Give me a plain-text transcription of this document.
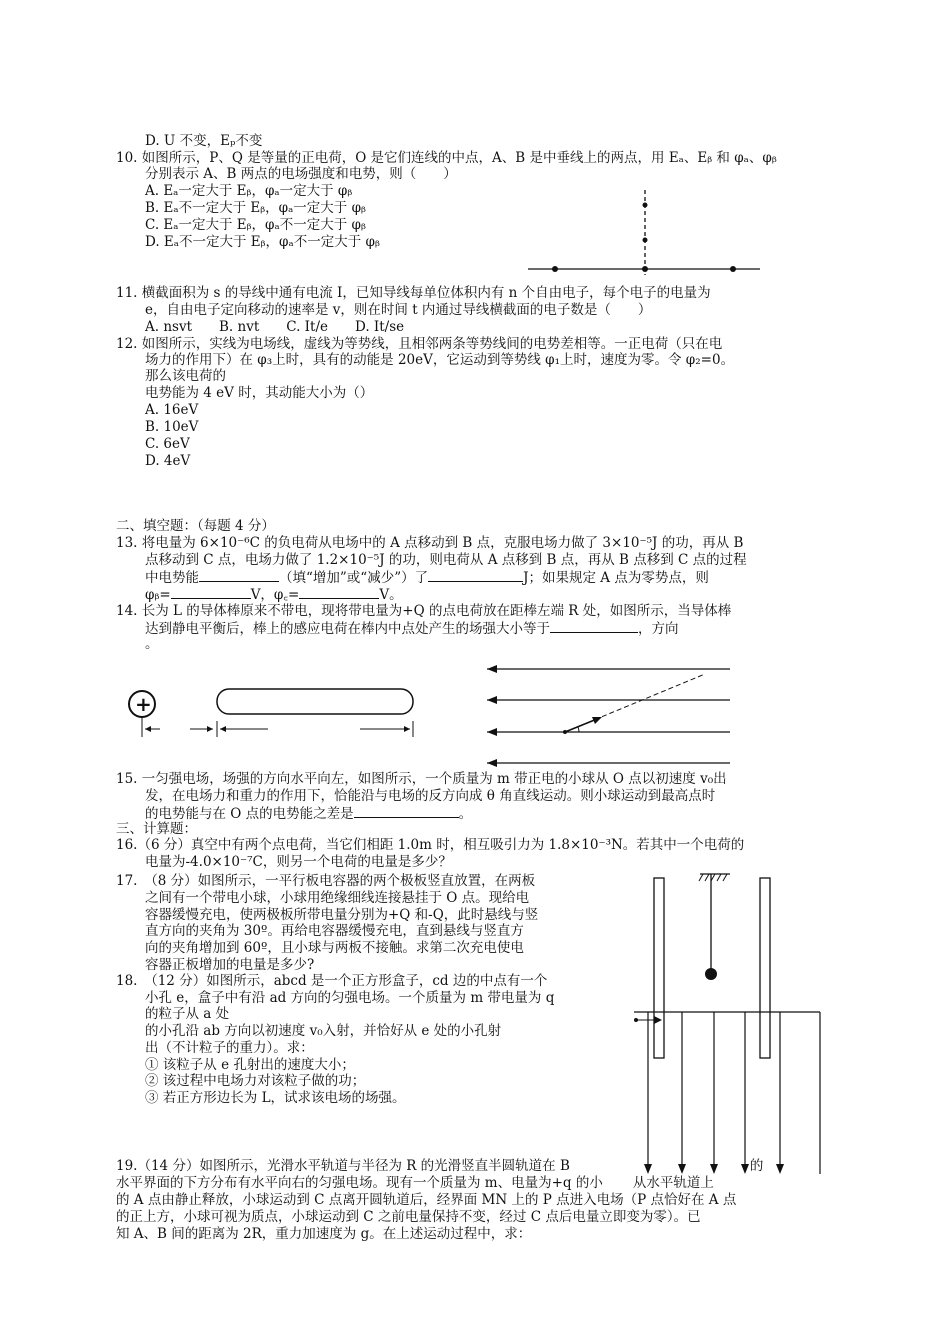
D. U 不变，Eₚ不变
10. 如图所示，P、Q 是等量的正电荷，O 是它们连线的中点，A、B 是中垂线上的两点，用 Eₐ、Eᵦ 和 φₐ、φᵦ
分别表示 A、B 两点的电场强度和电势，则（　　）
A. Eₐ一定大于 Eᵦ，φₐ一定大于 φᵦ
B. Eₐ不一定大于 Eᵦ，φₐ一定大于 φᵦ
C. Eₐ一定大于 Eᵦ，φₐ不一定大于 φᵦ
D. Eₐ不一定大于 Eᵦ，φₐ不一定大于 φᵦ
11. 横截面积为 s 的导线中通有电流 I，已知导线每单位体积内有 n 个自由电子，每个电子的电量为
e，自由电子定向移动的速率是 v，则在时间 t 内通过导线横截面的电子数是（　　）
A. nsvt　　B. nvt　　C. It/e　　D. It/se
12. 如图所示，实线为电场线，虚线为等势线，且相邻两条等势线间的电势差相等。一正电荷（只在电
场力的作用下）在 φ₃上时，具有的动能是 20eV，它运动到等势线 φ₁上时，速度为零。令 φ₂=0。
那么该电荷的
电势能为 4 eV 时，其动能大小为（）
A. 16eV
B. 10eV
C. 6eV
D. 4eV
二、填空题：（每题 4 分）
13. 将电量为 6×10⁻⁶C 的负电荷从电场中的 A 点移动到 B 点，克服电场力做了 3×10⁻⁵J 的功，再从 B
点移动到 C 点，电场力做了 1.2×10⁻⁵J 的功，则电荷从 A 点移到 B 点，再从 B 点移到 C 点的过程
中电势能	（填“增加”或“减少”）了	J；如果规定 A 点为零势点，则
φᵦ=	V，φ꜀=	V。
14. 长为 L 的导体棒原来不带电，现将带电量为+Q 的点电荷放在距棒左端 R 处，如图所示，当导体棒
达到静电平衡后，棒上的感应电荷在棒内中点处产生的场强大小等于	，方向
。
+
15. 一匀强电场，场强的方向水平向左，如图所示，一个质量为 m 带正电的小球从 O 点以初速度 v₀出
发，在电场力和重力的作用下，恰能沿与电场的反方向成 θ 角直线运动。则小球运动到最高点时
的电势能与在 O 点的电势能之差是	。
三、计算题：
16.（6 分）真空中有两个点电荷，当它们相距 1.0m 时，相互吸引力为 1.8×10⁻³N。若其中一个电荷的
电量为-4.0×10⁻⁷C，则另一个电荷的电量是多少？
17.　（8 分）如图所示，一平行板电容器的两个极板竖直放置，在两板
之间有一个带电小球，小球用绝缘细线连接悬挂于 O 点。现给电
容器缓慢充电，使两极板所带电量分别为+Q 和-Q，此时悬线与竖
直方向的夹角为 30º。再给电容器缓慢充电，直到悬线与竖直方
向的夹角增加到 60º，且小球与两板不接触。求第二次充电使电
容器正板增加的电量是多少?
18.　（12 分）如图所示，abcd 是一个正方形盒子，cd 边的中点有一个
小孔 e，盒子中有沿 ad 方向的匀强电场。一个质量为 m 带电量为 q
的粒子从 a 处
的小孔沿 ab 方向以初速度 v₀入射，并恰好从 e 处的小孔射
出（不计粒子的重力）。求：
① 该粒子从 e 孔射出的速度大小；
② 该过程中电场力对该粒子做的功；
③ 若正方形边长为 L，试求该电场的场强。
19.（14 分）如图所示，光滑水平轨道与半径为 R 的光滑竖直半圆轨道在 B	的
水平界面的下方分布有水平向右的匀强电场。现有一个质量为 m、电量为+q 的小 从水平轨道上
的 A 点由静止释放，小球运动到 C 点离开圆轨道后，经界面 MN 上的 P 点进入电场（P 点恰好在 A 点
的正上方，小球可视为质点，小球运动到 C 之前电量保持不变，经过 C 点后电量立即变为零）。已
知 A、B 间的距离为 2R，重力加速度为 g。在上述运动过程中，求：
